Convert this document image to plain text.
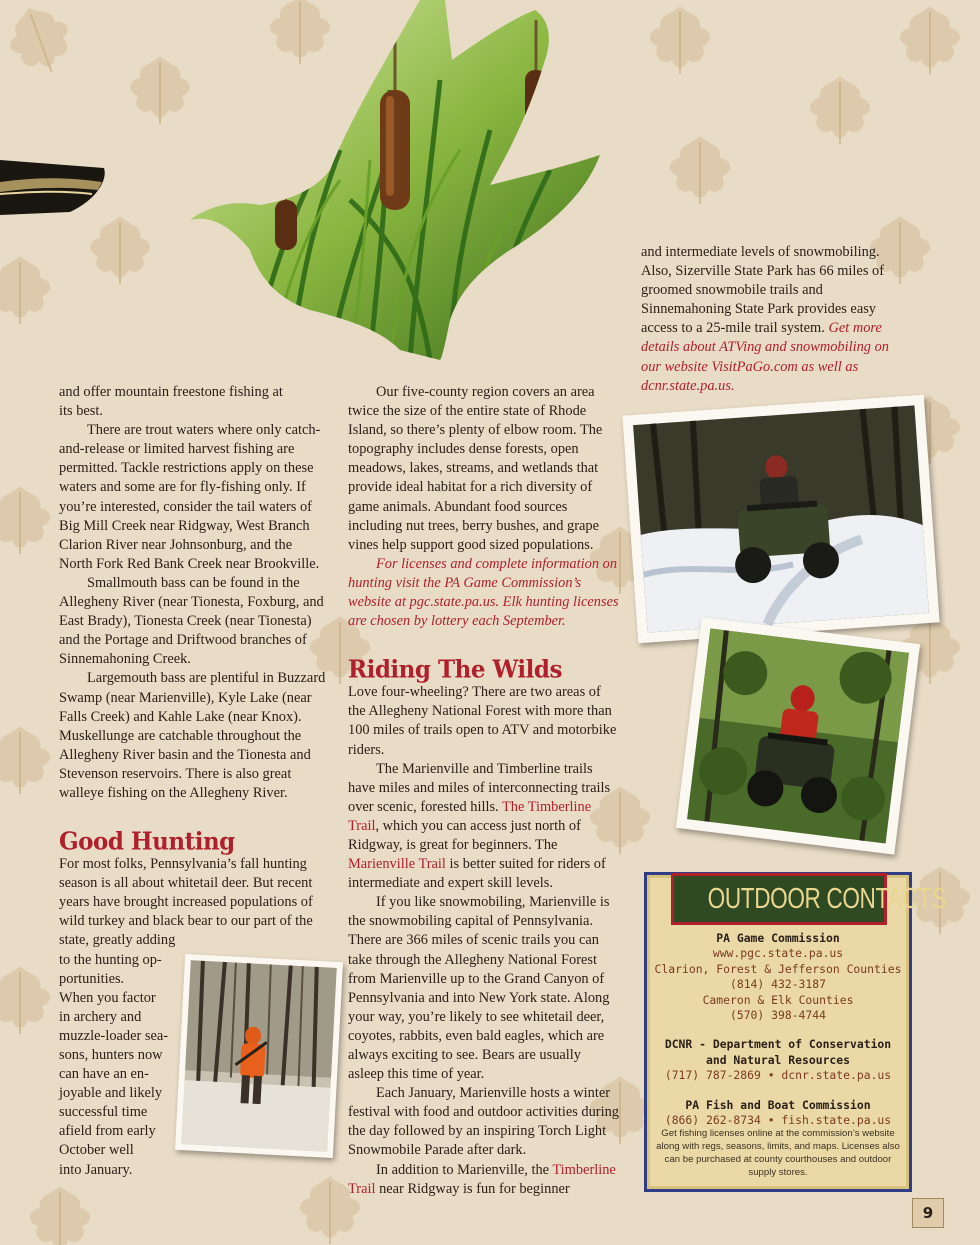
and offer mountain freestone fishing at its best.

There are trout waters where only catch-and-release or limited harvest fishing are permitted. Tackle restrictions apply on these waters and some are for fly-fishing only. If you’re interested, consider the tail waters of Big Mill Creek near Ridgway, West Branch Clarion River near Johnsonburg, and the North Fork Red Bank Creek near Brookville.

Smallmouth bass can be found in the Allegheny River (near Tionesta, Foxburg, and East Brady), Tionesta Creek (near Tionesta) and the Portage and Driftwood branches of Sinnemahoning Creek.

Largemouth bass are plentiful in Buzzard Swamp (near Marienville), Kyle Lake (near Falls Creek) and Kahle Lake (near Knox). Muskellunge are catchable throughout the Allegheny River basin and the Tionesta and Stevenson reservoirs. There is also great walleye fishing on the Allegheny River.

Good Hunting

For most folks, Pennsylvania’s fall hunting season is all about whitetail deer. But recent years have brought increased populations of wild turkey and black bear to our part of the state, greatly adding

to the hunting op-

portunities.

When you factor

in archery and

muzzle-loader sea-

sons, hunters now

can have an en-

joyable and likely

successful time

afield from early

October well

into January.

Our five-county region covers an area twice the size of the entire state of Rhode Island, so there’s plenty of elbow room. The topography includes dense forests, open meadows, lakes, streams, and wetlands that provide ideal habitat for a rich diversity of game animals. Abundant food sources including nut trees, berry bushes, and grape vines help support good sized populations.

For licenses and complete information on hunting visit the PA Game Commission’s website at pgc.state.pa.us. Elk hunting licenses are chosen by lottery each September.

Riding The Wilds

Love four-wheeling? There are two areas of the Allegheny National Forest with more than 100 miles of trails open to ATV and motorbike riders.

The Marienville and Timberline trails have miles and miles of interconnecting trails over scenic, forested hills. The Timberline Trail, which you can access just north of Ridgway, is great for beginners. The Marienville Trail is better suited for riders of intermediate and expert skill levels.

If you like snowmobiling, Marienville is the snowmobiling capital of Pennsylvania. There are 366 miles of scenic trails you can take through the Allegheny National Forest from Marienville up to the Grand Canyon of Pennsylvania and into New York state. Along your way, you’re likely to see whitetail deer, coyotes, rabbits, even bald eagles, which are always exciting to see. Bears are usually asleep this time of year.

Each January, Marienville hosts a winter festival with food and outdoor activities during the day followed by an inspiring Torch Light Snowmobile Parade after dark.

In addition to Marienville, the Timberline Trail near Ridgway is fun for beginner

and intermediate levels of snowmobiling. Also, Sizerville State Park has 66 miles of groomed snowmobile trails and Sinnemahoning State Park provides easy access to a 25-mile trail system. Get more details about ATVing and snowmobiling on our website VisitPaGo.com as well as dcnr.state.pa.us.

OUTDOOR CONTACTS
PA Game Commission
www.pgc.state.pa.us
Clarion, Forest & Jefferson Counties
(814) 432-3187
Cameron & Elk Counties
(570) 398-4744
DCNR - Department of Conservation
and Natural Resources
(717) 787-2869 • dcnr.state.pa.us
PA Fish and Boat Commission
(866) 262-8734 • fish.state.pa.us
Get fishing licenses online at the commission’s website along with regs, seasons, limits, and maps. Licenses also can be purchased at county courthouses and outdoor supply stores.
9
